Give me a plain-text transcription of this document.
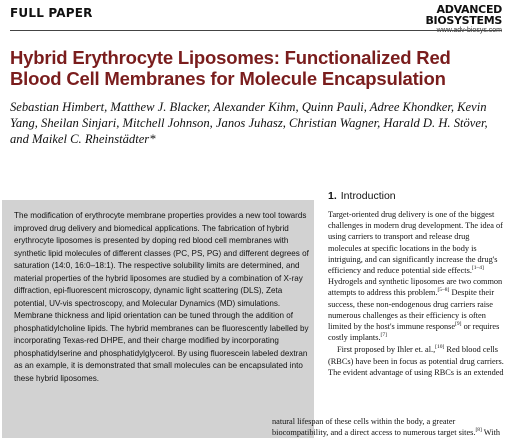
FULL PAPER	ADVANCED
BIOSYSTEMS
Hybrid Erythrocyte Liposomes: Functionalized Red Blood Cell Membranes for Molecule Encapsulation
Sebastian Himbert, Matthew J. Blacker, Alexander Kihm, Quinn Pauli, Adree Khondker, Kevin Yang, Sheilan Sinjari, Mitchell Johnson, Janos Juhasz, Christian Wagner, Harald D. H. Stöver, and Maikel C. Rheinstädter*
The modification of erythrocyte membrane properties provides a new tool towards improved drug delivery and biomedical applications. The fabrication of hybrid erythrocyte liposomes is presented by doping red blood cell membranes with synthetic lipid molecules of different classes (PC, PS, PG) and different degrees of saturation (14:0, 16:0–18:1). The respective solubility limits are determined, and material properties of the hybrid liposomes are studied by a combination of X-ray diffraction, epi-fluorescent microscopy, dynamic light scattering (DLS), Zeta potential, UV-vis spectroscopy, and Molecular Dynamics (MD) simulations. Membrane thickness and lipid orientation can be tuned through the addition of phosphatidylcholine lipids. The hybrid membranes can be fluorescently labelled by incorporating Texas-red DHPE, and their charge modified by incorporating phosphatidylserine and phosphatidylglycerol. By using fluorescein labeled dextran as an example, it is demonstrated that small molecules can be encapsulated into these hybrid liposomes.
1. Introduction

Target-oriented drug delivery is one of the biggest challenges in modern drug development. The idea of using carriers to transport and release drug molecules at specific locations in the body is intriguing, and can significantly increase the drug's efficiency and reduce potential side effects.[1–4] Hydrogels and synthetic liposomes are two common attempts to address this problem.[5–8] Despite their success, these non-endogenous drug carriers raise numerous challenges as their efficiency is often limited by the host's immune response[9] or requires costly implants.[7]

First proposed by Ihler et. al.,[10] Red blood cells (RBCs) have been in focus as potential drug carriers. The evident advantage of using RBCs is an extended

natural lifespan of these cells within the body, a greater biocompatibility, and a direct access to numerous target sites.[8] With
